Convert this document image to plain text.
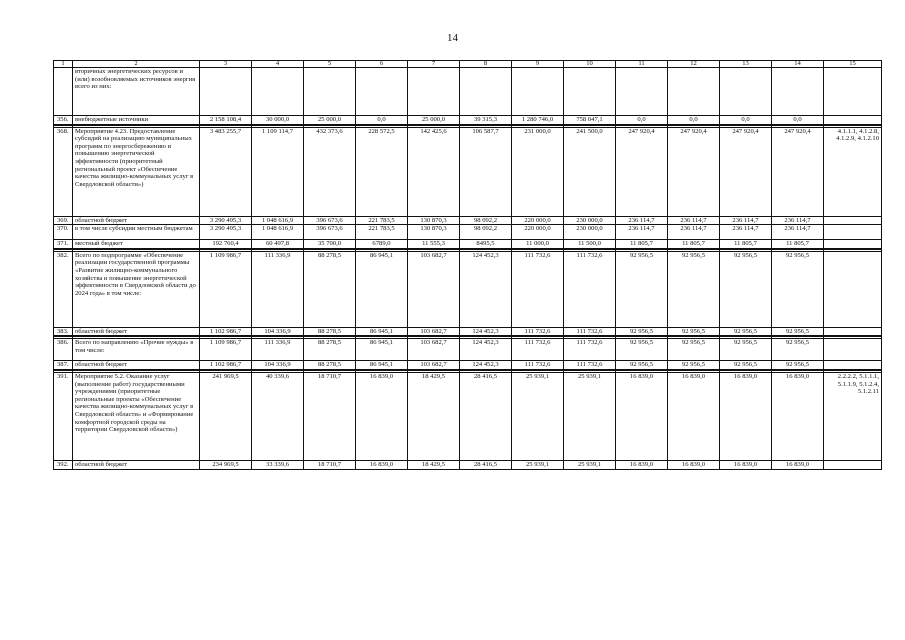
14
1	2	3	4	5	6	7	8	9	10	11	12	13	14	15
	вторичных энергетических ресурсов и (или) возобновляемых источников энергия всего из них:													
356.	внебюджетные источники	2 158 108,4	30 000,0	25 000,0	0,0	25 000,0	39 315,3	1 280 746,0	758 047,1	0,0	0,0	0,0	0,0	

368.	Мероприятие 4.23. Предоставление субсидий на реализацию муниципальных программ по энергосбережению и повышению энергетической эффективности (приоритетный региональный проект «Обеспечение качества жилищно-коммунальных услуг в Свердловской области»)	3 483 255,7	1 109 114,7	432 373,6	228 572,5	142 425,6	106 587,7	231 000,0	241 500,0	247 920,4	247 920,4	247 920,4	247 920,4	4.1.1.1, 4.1.2.8, 4.1.2.9, 4.1.2.10
369.	областной бюджет	3 290 495,3	1 048 616,9	396 673,6	221 783,5	130 870,3	98 092,2	220 000,0	230 000,0	236 114,7	236 114,7	236 114,7	236 114,7	
370.	в том числе субсидии местным бюджетам	3 290 495,3	1 048 616,9	396 673,6	221 783,5	130 870,3	98 092,2	220 000,0	230 000,0	236 114,7	236 114,7	236 114,7	236 114,7	
371.	местный бюджет	192 760,4	60 497,8	35 700,0	6789,0	11 555,3	8495,5	11 000,0	11 500,0	11 805,7	11 805,7	11 805,7	11 805,7	

382.	Всего по подпрограмме «Обеспечение реализации государственной программы «Развитие жилищно-коммунального хозяйства и повышение энергетической эффективности в Свердловской области до 2024 года» в том числе:	1 109 986,7	111 336,9	88 278,5	86 945,1	103 682,7	124 452,3	111 732,6	111 732,6	92 956,5	92 956,5	92 956,5	92 956,5	
383.	областной бюджет	1 102 986,7	104 336,9	88 278,5	86 945,1	103 682,7	124 452,3	111 732,6	111 732,6	92 956,5	92 956,5	92 956,5	92 956,5	

386.	Всего по направлению «Прочие нужды» в том числе:	1 109 986,7	111 336,9	88 278,5	86 945,1	103 682,7	124 452,3	111 732,6	111 732,6	92 956,5	92 956,5	92 956,5	92 956,5	
387.	областной бюджет	1 102 986,7	104 336,9	88 278,5	86 945,1	103 682,7	124 452,3	111 732,6	111 732,6	92 956,5	92 956,5	92 956,5	92 956,5	

391.	Мероприятие 5.2. Оказание услуг (выполнение работ) государственными учреждениями (приоритетные региональные проекты «Обеспечение качества жилищно-коммунальных услуг в Свердловской области» и «Формирование комфортной городской среды на территории Свердловской области»)	241 969,5	40 339,6	18 710,7	16 839,0	18 429,5	28 416,5	25 939,1	25 939,1	16 839,0	16 839,0	16 839,0	16 839,0	2.2.2.2, 5.1.1.1, 5.1.1.9, 5.1.2.4, 5.1.2.11
392.	областной бюджет	234 969,5	33 339,6	18 710,7	16 839,0	18 429,5	28 416,5	25 939,1	25 939,1	16 839,0	16 839,0	16 839,0	16 839,0	
